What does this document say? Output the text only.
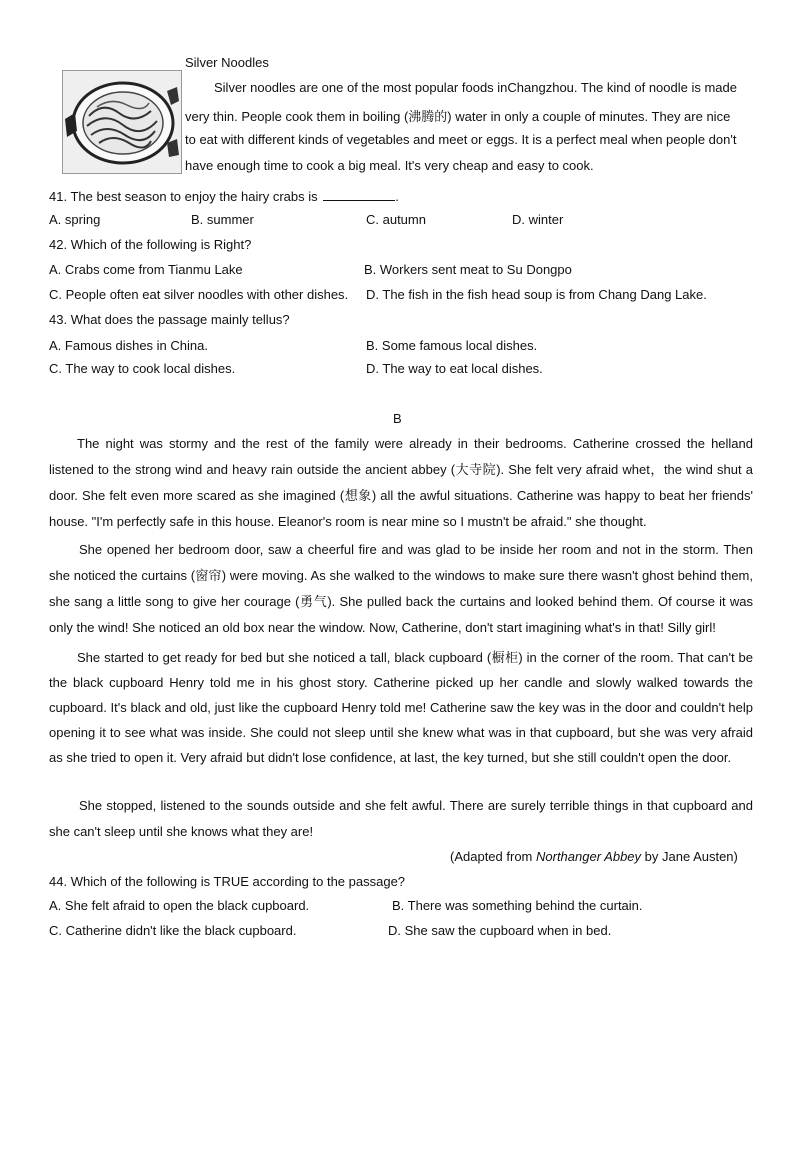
Silver Noodles
Silver noodles are one of the most popular foods inChangzhou. The kind of noodle is made
very thin. People cook them in boiling (沸腾的) water in only a couple of minutes. They are nice
to eat with different kinds of vegetables and meet or eggs. It is a perfect meal when people don't
have enough time to cook a big meal. It's very cheap and easy to cook.
41. The best season to enjoy the hairy crabs is	.
A. spring	B. summer	C. autumn	D. winter
42. Which of the following is Right?
A. Crabs come from Tianmu Lake	B. Workers sent meat to Su Dongpo
C. People often eat silver noodles with other dishes. D. The fish in the fish head soup is from Chang Dang Lake.
43. What does the passage mainly tellus?
A. Famous dishes in China.	B. Some famous local dishes.
C. The way to cook local dishes.	D. The way to eat local dishes.
B
The night was stormy and the rest of the family were already in their bedrooms. Catherine crossed the helland listened to the strong wind and heavy rain outside the ancient abbey (大寺院). She felt very afraid whet，the wind shut a door. She felt even more scared as she imagined (想象) all the awful situations. Catherine was happy to beat her friends' house. "I'm perfectly safe in this house. Eleanor's room is near mine so I mustn't be afraid." she thought.
She opened her bedroom door, saw a cheerful fire and was glad to be inside her room and not in the storm. Then she noticed the curtains (窗帘) were moving. As she walked to the windows to make sure there wasn't ghost behind them, she sang a little song to give her courage (勇气). She pulled back the curtains and looked behind them. Of course it was only the wind! She noticed an old box near the window. Now, Catherine, don't start imagining what's in that! Silly girl!
She started to get ready for bed but she noticed a tall, black cupboard (橱柜) in the corner of the room. That can't be the black cupboard Henry told me in his ghost story. Catherine picked up her candle and slowly walked towards the cupboard. It's black and old, just like the cupboard Henry told me! Catherine saw the key was in the door and couldn't help opening it to see what was inside. She could not sleep until she knew what was in that cupboard, but she was very afraid as she tried to open it. Very afraid but didn't lose confidence, at last, the key turned, but she still couldn't open the door.
She stopped, listened to the sounds outside and she felt awful. There are surely terrible things in that cupboard and she can't sleep until she knows what they are!
(Adapted from Northanger Abbey by Jane Austen)
44. Which of the following is TRUE according to the passage?
A. She felt afraid to open the black cupboard.	B. There was something behind the curtain.
C. Catherine didn't like the black cupboard.	D. She saw the cupboard when in bed.
